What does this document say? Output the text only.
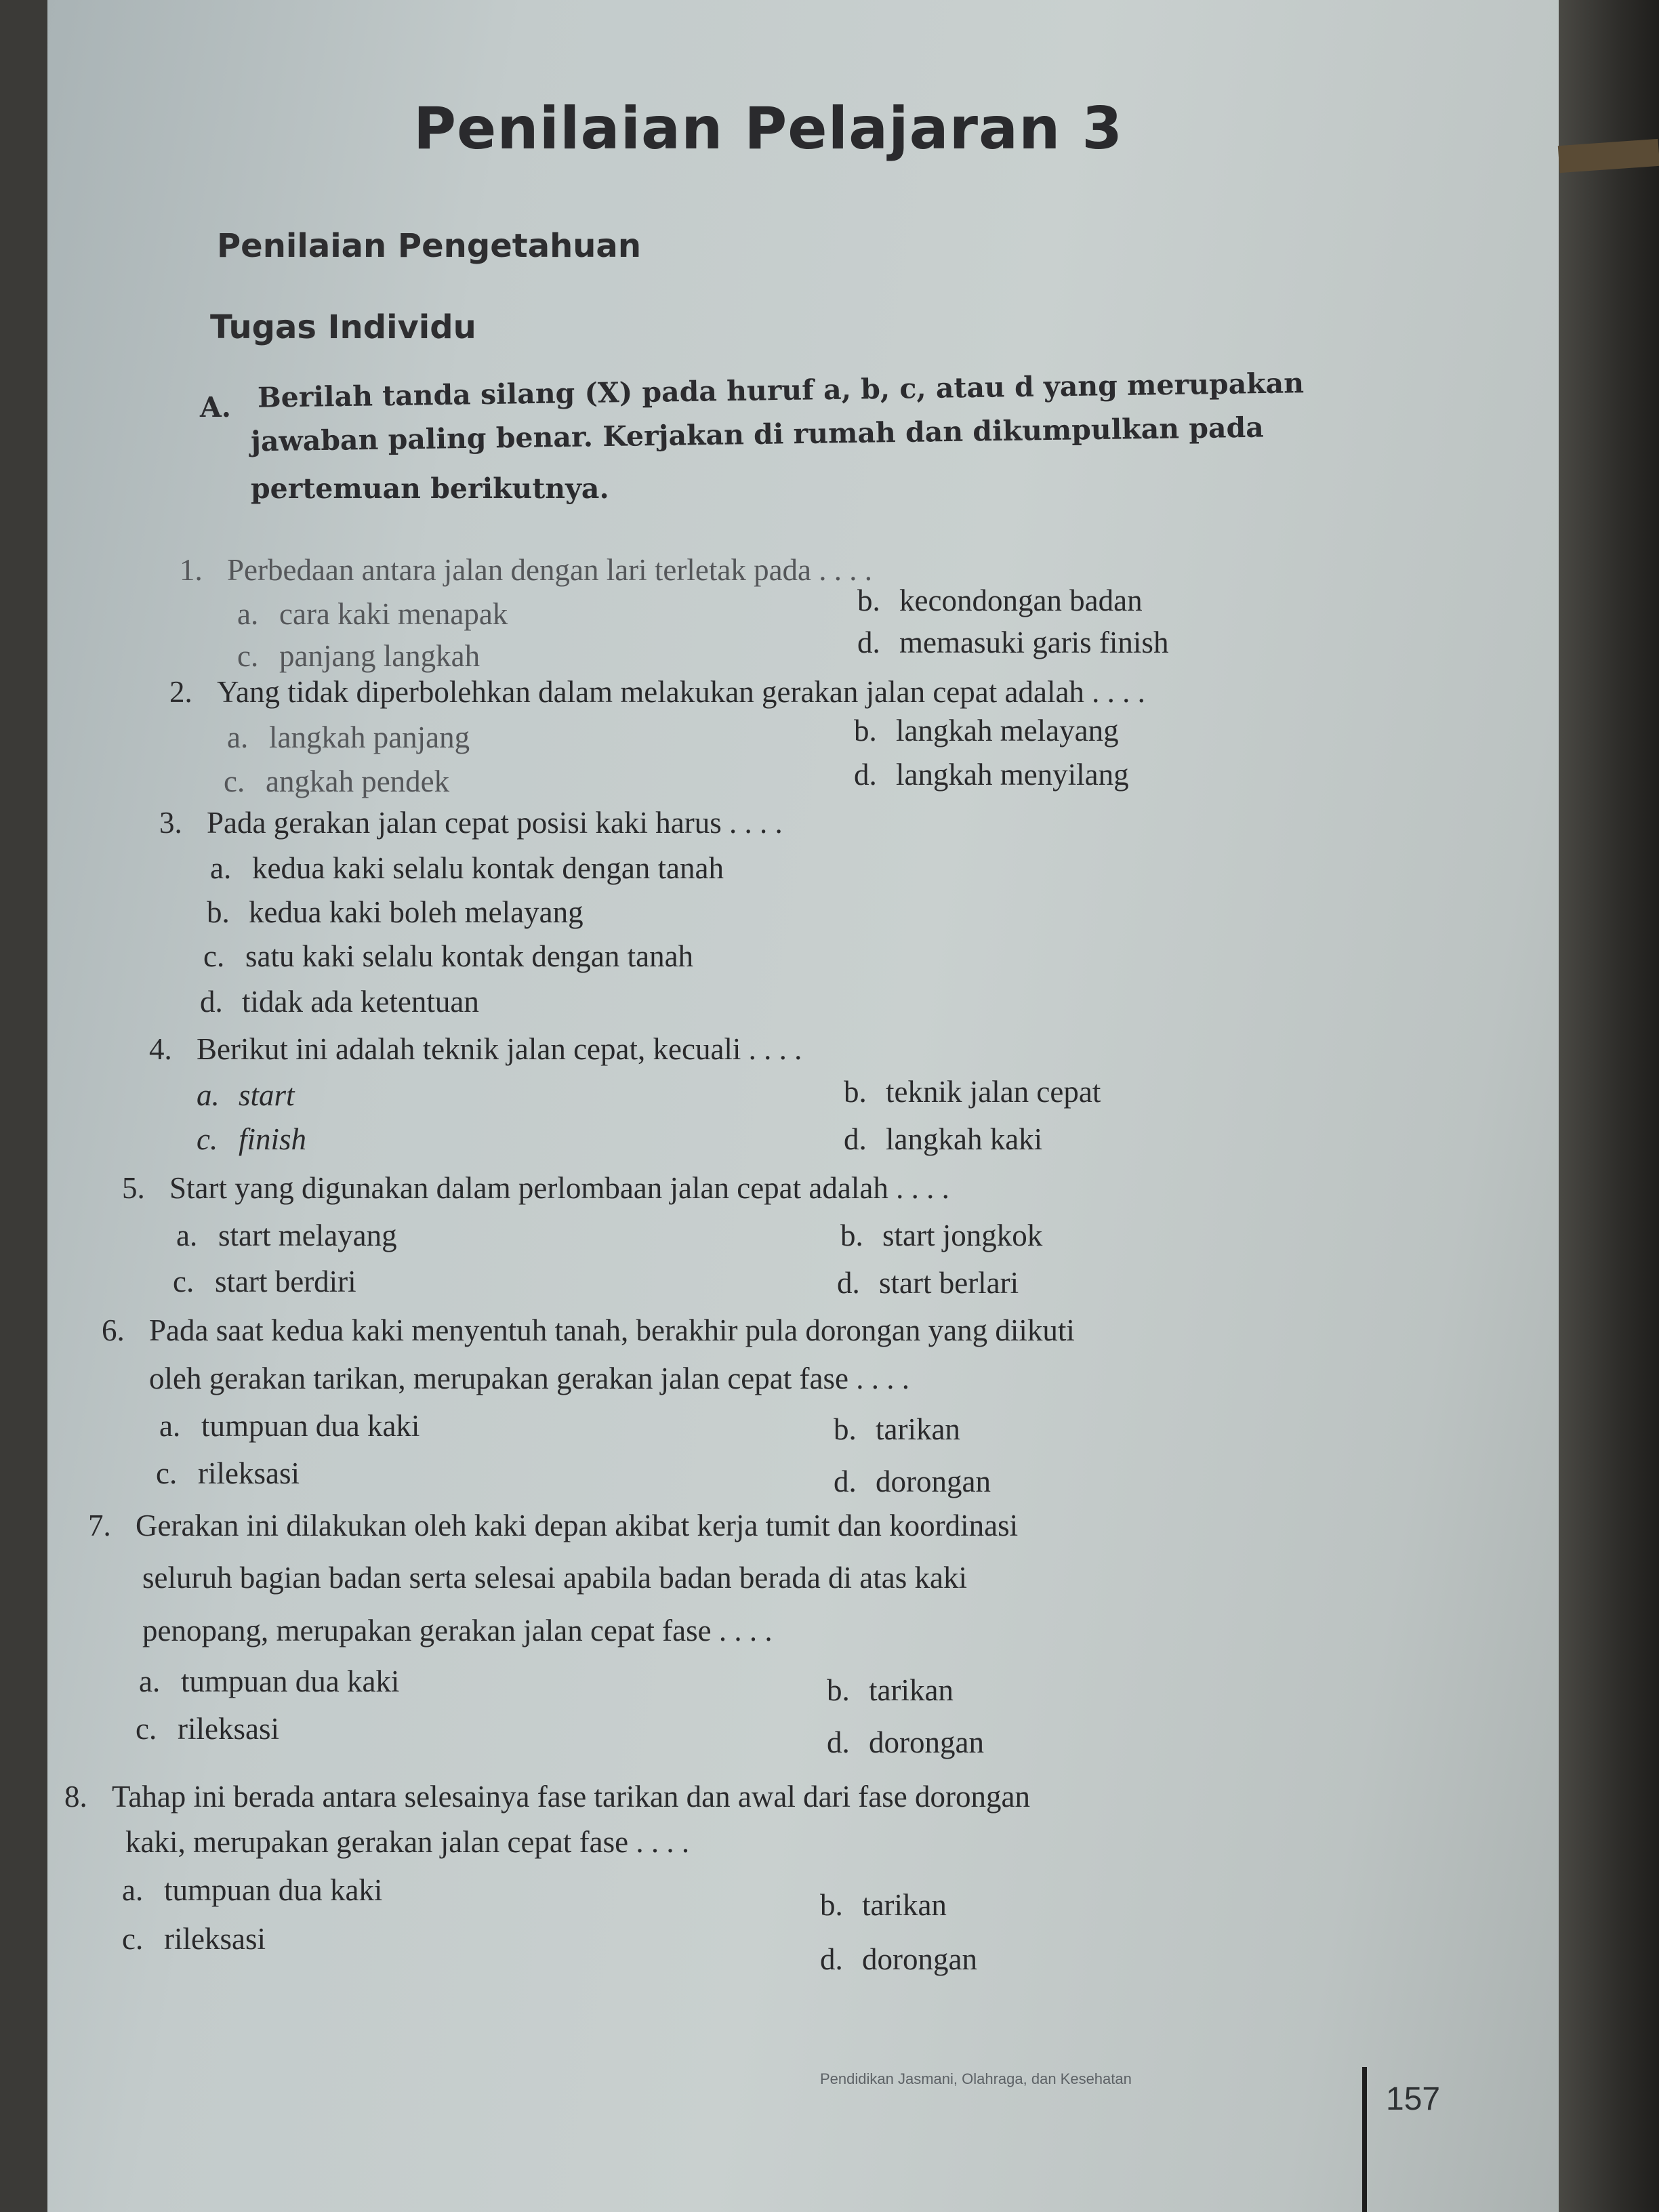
Penilaian Pelajaran 3
Penilaian Pengetahuan
Tugas Individu
A. Berilah tanda silang (X) pada huruf a, b, c, atau d yang merupakan
jawaban paling benar. Kerjakan di rumah dan dikumpulkan pada
pertemuan berikutnya.
1. Perbedaan antara jalan dengan lari terletak pada . . . .
a. cara kaki menapak	b. kecondongan badan
c. panjang langkah	d. memasuki garis finish
2. Yang tidak diperbolehkan dalam melakukan gerakan jalan cepat adalah . . . .
a. langkah panjang	b. langkah melayang
c. angkah pendek	d. langkah menyilang
3. Pada gerakan jalan cepat posisi kaki harus . . . .
a. kedua kaki selalu kontak dengan tanah
b. kedua kaki boleh melayang
c. satu kaki selalu kontak dengan tanah
d. tidak ada ketentuan
4. Berikut ini adalah teknik jalan cepat, kecuali . . . .
a. start	b. teknik jalan cepat
c. finish	d. langkah kaki
5. Start yang digunakan dalam perlombaan jalan cepat adalah . . . .
a. start melayang	b. start jongkok
c. start berdiri	d. start berlari
6. Pada saat kedua kaki menyentuh tanah, berakhir pula dorongan yang diikuti
oleh gerakan tarikan, merupakan gerakan jalan cepat fase . . . .
a. tumpuan dua kaki	b. tarikan
c. rileksasi	d. dorongan
7. Gerakan ini dilakukan oleh kaki depan akibat kerja tumit dan koordinasi
seluruh bagian badan serta selesai apabila badan berada di atas kaki
penopang, merupakan gerakan jalan cepat fase . . . .
a. tumpuan dua kaki	b. tarikan
c. rileksasi	d. dorongan
8. Tahap ini berada antara selesainya fase tarikan dan awal dari fase dorongan
kaki, merupakan gerakan jalan cepat fase . . . .
a. tumpuan dua kaki	b. tarikan
c. rileksasi
d. dorongan
Pendidikan Jasmani, Olahraga, dan Kesehatan
157
